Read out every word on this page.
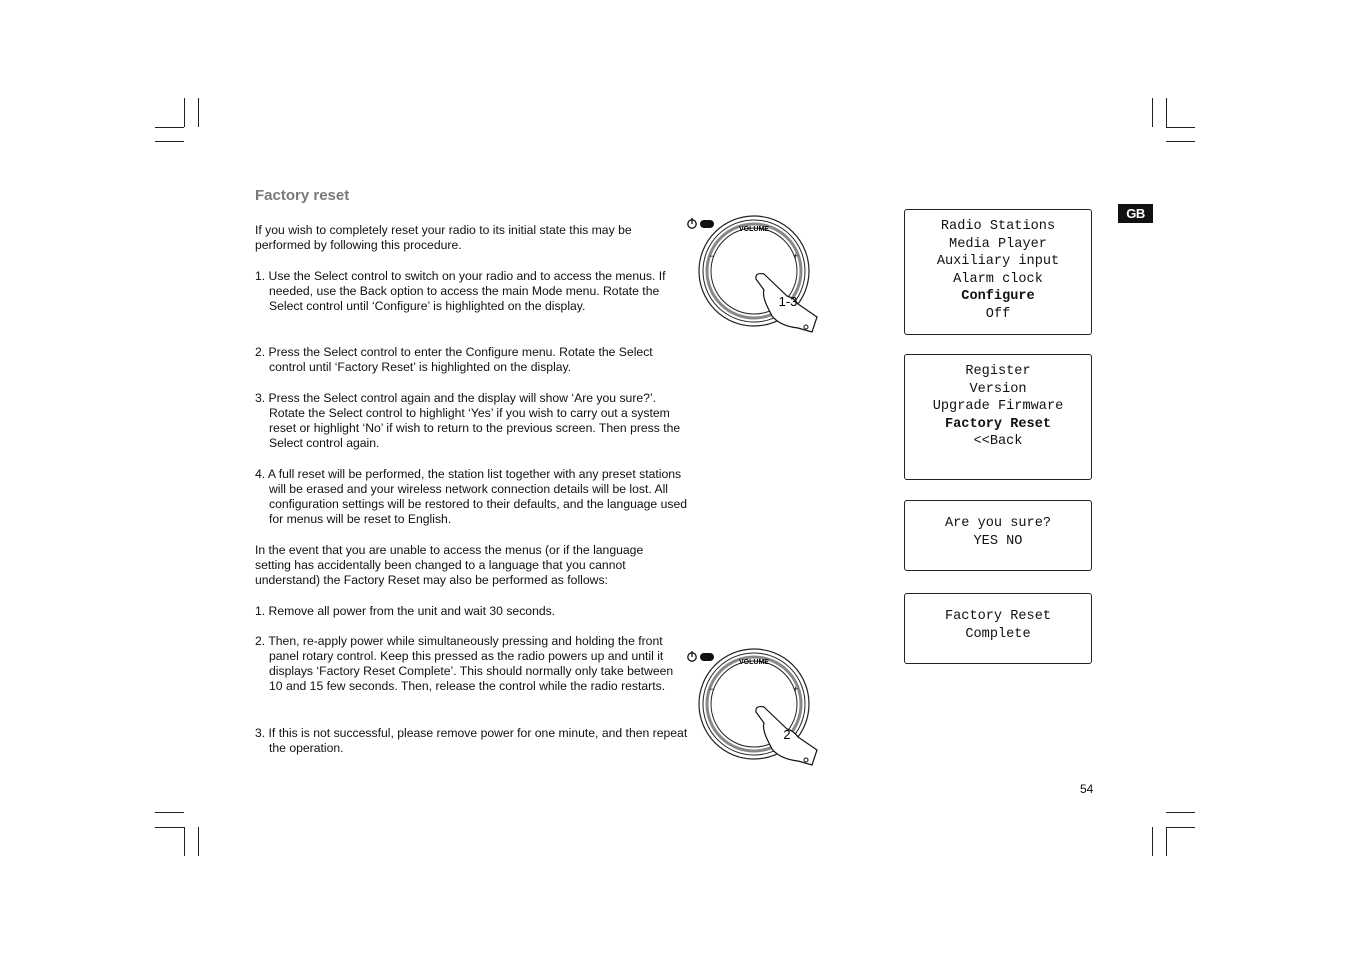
Factory reset

If you wish to completely reset your radio to its initial state this may be performed by following this procedure.

1. Use the Select control to switch on your radio and to access the menus. If needed, use the Back option to access the main Mode menu. Rotate the Select control until ‘Configure’ is highlighted on the display.

2. Press the Select control to enter the Configure menu. Rotate the Select control until ‘Factory Reset’ is highlighted on the display.

3. Press the Select control again and the display will show ‘Are you sure?’. Rotate the Select control to highlight ‘Yes’ if you wish to carry out a system reset or highlight ‘No’ if wish to return to the previous screen. Then press the Select control again.

4. A full reset will be performed, the station list together with any preset stations will be erased and your wireless network connection details will be lost. All configuration settings will be restored to their defaults, and the language used for menus will be reset to English.

In the event that you are unable to access the menus (or if the language setting has accidentally been changed to a language that you cannot understand) the Factory Reset may also be performed as follows:

1. Remove all power from the unit and wait 30 seconds.

2. Then, re-apply power while simultaneously pressing and holding the front panel rotary control. Keep this pressed as the radio powers up and until it displays ‘Factory Reset Complete’. This should normally only take between 10 and 15 few seconds. Then, release the control while the radio restarts.

3. If this is not successful, please remove power for one minute, and then repeat the operation.

VOLUME
−	+
1-3
VOLUME
−	+
2
Radio Stations
Media Player
Auxiliary input
Alarm clock
Configure
Off
Register
Version
Upgrade Firmware
Factory Reset
<<Back
Are you sure?
YES NO
Factory Reset
Complete
GB
54
